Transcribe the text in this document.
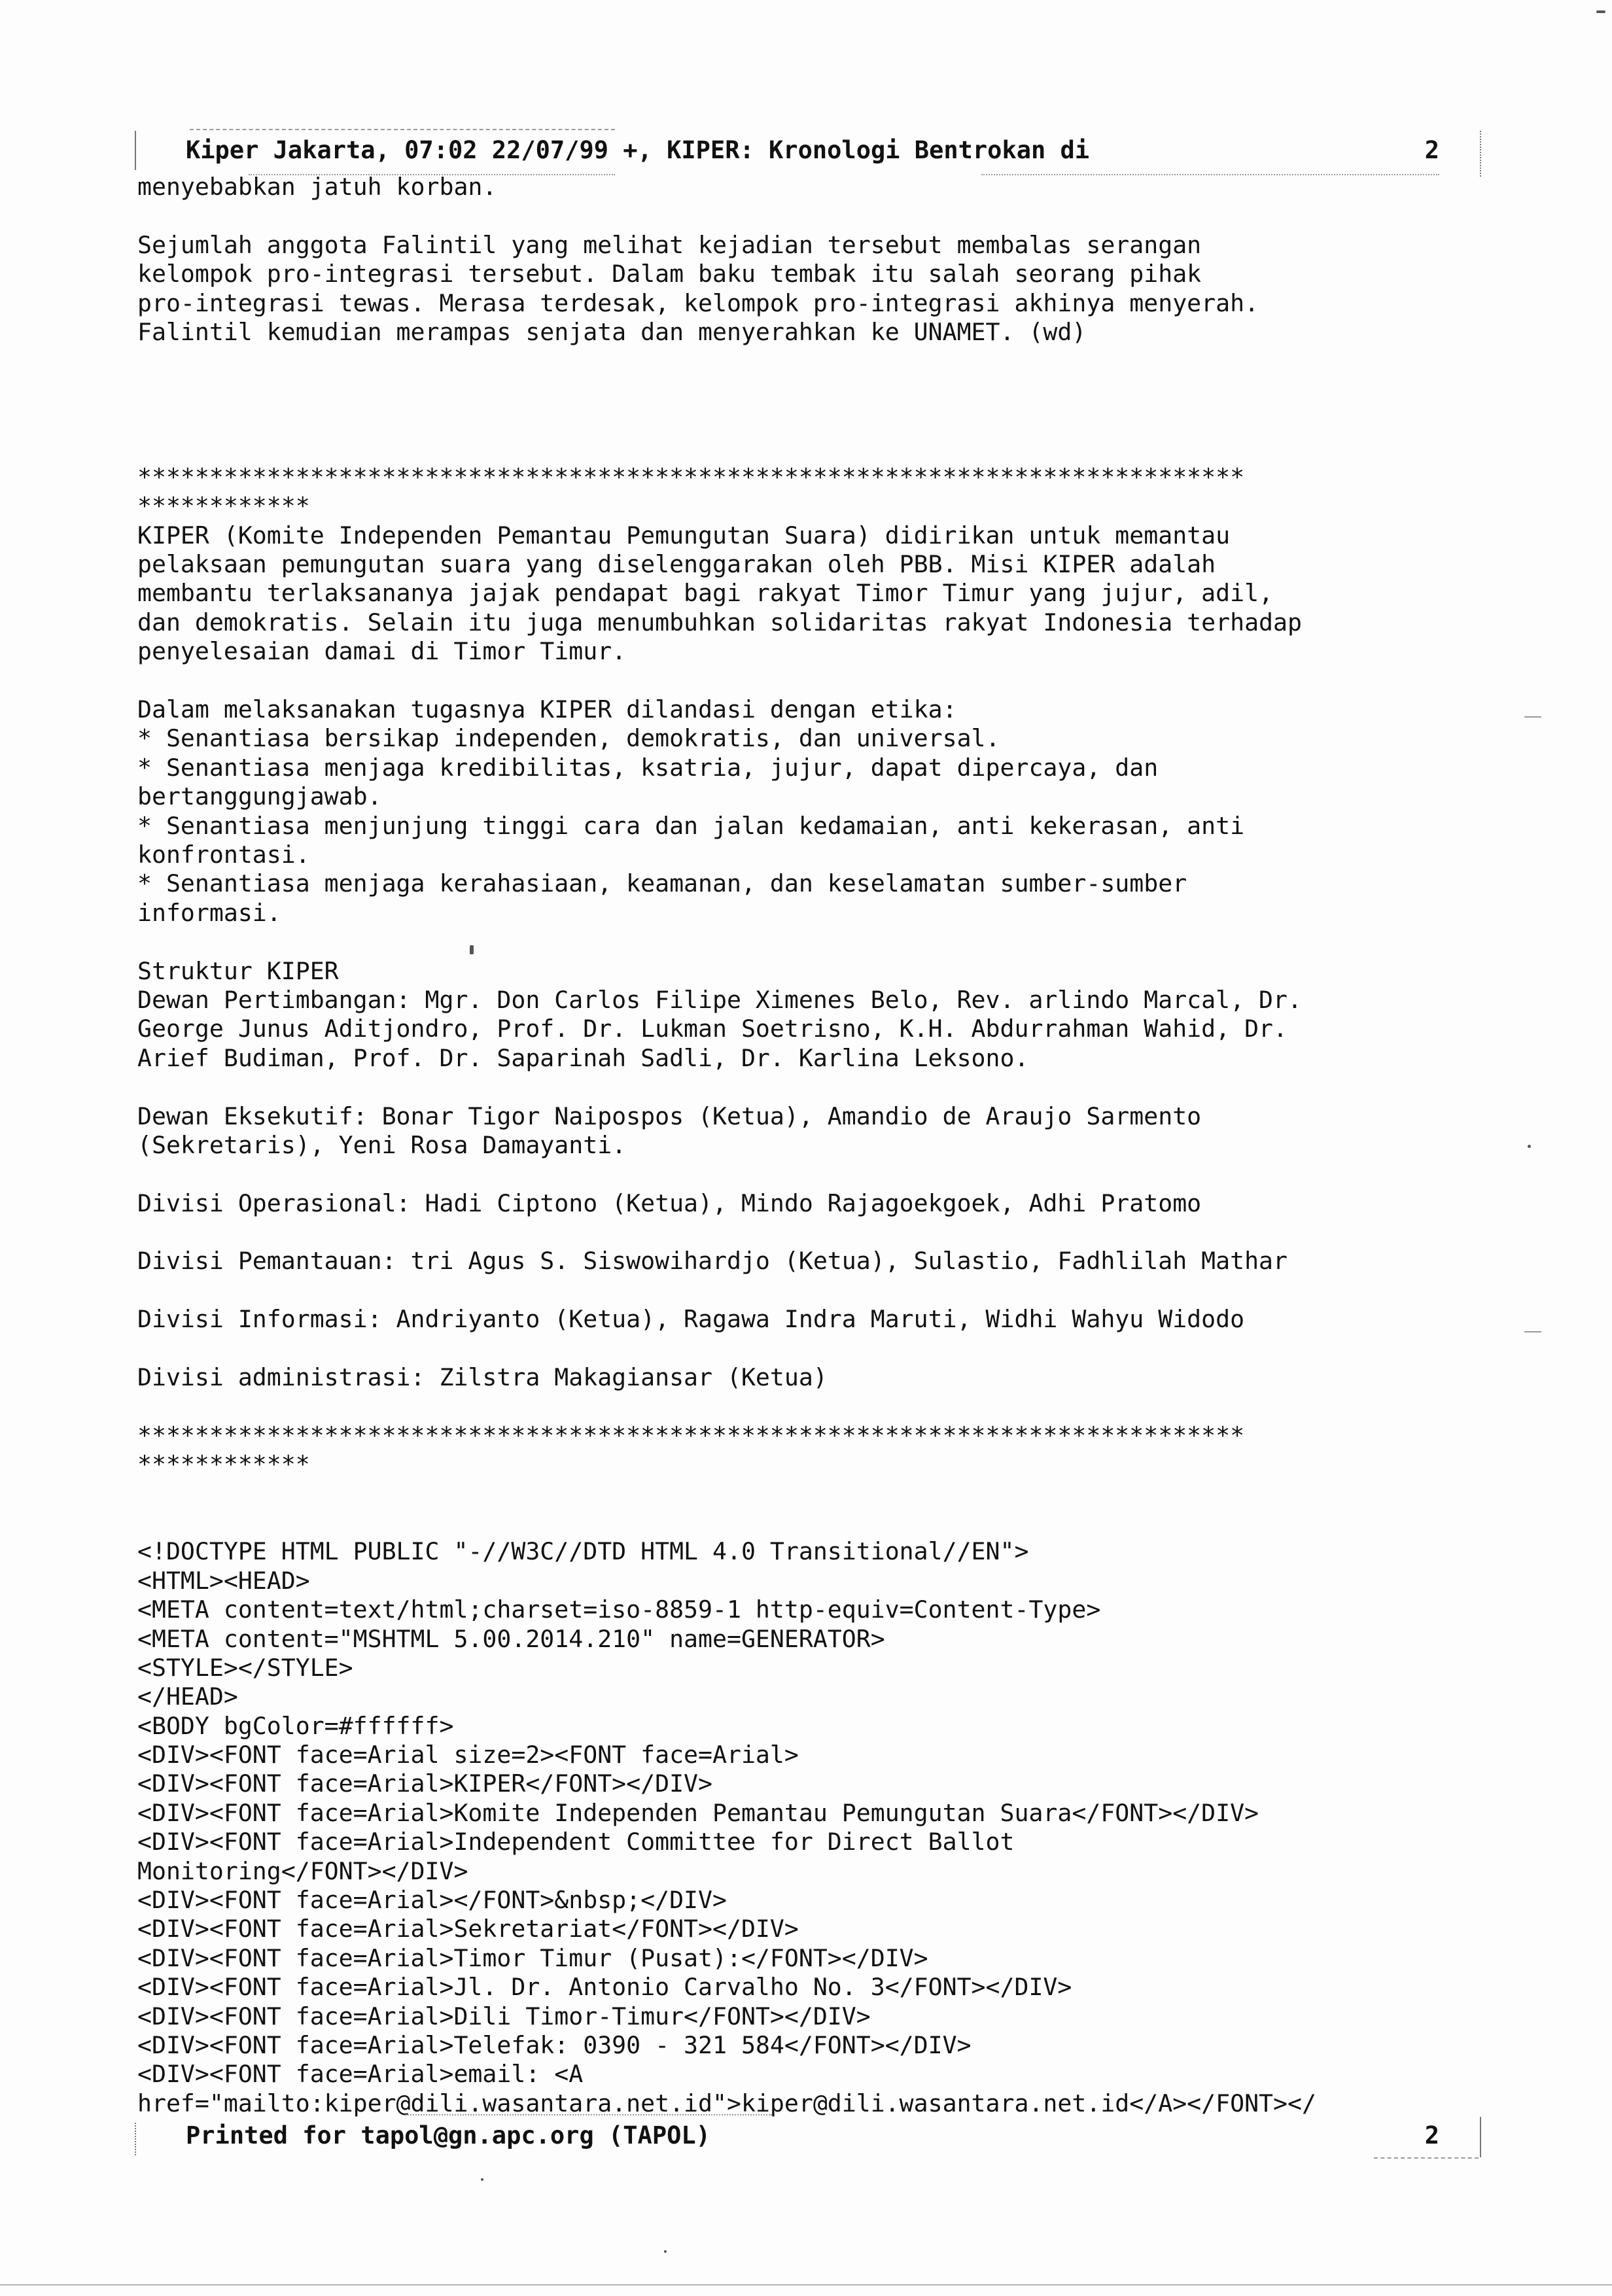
Kiper Jakarta, 07:02 22/07/99 +, KIPER: Kronologi Bentrokan di	2
menyebabkan jatuh korban.
Sejumlah anggota Falintil yang melihat kejadian tersebut membalas serangan
kelompok pro-integrasi tersebut. Dalam baku tembak itu salah seorang pihak
pro-integrasi tewas. Merasa terdesak, kelompok pro-integrasi akhinya menyerah.
Falintil kemudian merampas senjata dan menyerahkan ke UNAMET. (wd)
*****************************************************************************
************
KIPER (Komite Independen Pemantau Pemungutan Suara) didirikan untuk memantau
pelaksaan pemungutan suara yang diselenggarakan oleh PBB. Misi KIPER adalah
membantu terlaksananya jajak pendapat bagi rakyat Timor Timur yang jujur, adil,
dan demokratis. Selain itu juga menumbuhkan solidaritas rakyat Indonesia terhadap
penyelesaian damai di Timor Timur.
Dalam melaksanakan tugasnya KIPER dilandasi dengan etika:
* Senantiasa bersikap independen, demokratis, dan universal.
* Senantiasa menjaga kredibilitas, ksatria, jujur, dapat dipercaya, dan
bertanggungjawab.
* Senantiasa menjunjung tinggi cara dan jalan kedamaian, anti kekerasan, anti
konfrontasi.
* Senantiasa menjaga kerahasiaan, keamanan, dan keselamatan sumber-sumber
informasi.
Struktur KIPER
Dewan Pertimbangan: Mgr. Don Carlos Filipe Ximenes Belo, Rev. arlindo Marcal, Dr.
George Junus Aditjondro, Prof. Dr. Lukman Soetrisno, K.H. Abdurrahman Wahid, Dr.
Arief Budiman, Prof. Dr. Saparinah Sadli, Dr. Karlina Leksono.
Dewan Eksekutif: Bonar Tigor Naipospos (Ketua), Amandio de Araujo Sarmento
(Sekretaris), Yeni Rosa Damayanti.
Divisi Operasional: Hadi Ciptono (Ketua), Mindo Rajagoekgoek, Adhi Pratomo
Divisi Pemantauan: tri Agus S. Siswowihardjo (Ketua), Sulastio, Fadhlilah Mathar
Divisi Informasi: Andriyanto (Ketua), Ragawa Indra Maruti, Widhi Wahyu Widodo
Divisi administrasi: Zilstra Makagiansar (Ketua)
*****************************************************************************
************
<!DOCTYPE HTML PUBLIC "-//W3C//DTD HTML 4.0 Transitional//EN">
<HTML><HEAD>
<META content=text/html;charset=iso-8859-1 http-equiv=Content-Type>
<META content="MSHTML 5.00.2014.210" name=GENERATOR>
<STYLE></STYLE>
</HEAD>
<BODY bgColor=#ffffff>
<DIV><FONT face=Arial size=2><FONT face=Arial>
<DIV><FONT face=Arial>KIPER</FONT></DIV>
<DIV><FONT face=Arial>Komite Independen Pemantau Pemungutan Suara</FONT></DIV>
<DIV><FONT face=Arial>Independent Committee for Direct Ballot
Monitoring</FONT></DIV>
<DIV><FONT face=Arial></FONT>&nbsp;</DIV>
<DIV><FONT face=Arial>Sekretariat</FONT></DIV>
<DIV><FONT face=Arial>Timor Timur (Pusat):</FONT></DIV>
<DIV><FONT face=Arial>Jl. Dr. Antonio Carvalho No. 3</FONT></DIV>
<DIV><FONT face=Arial>Dili Timor-Timur</FONT></DIV>
<DIV><FONT face=Arial>Telefak: 0390 - 321 584</FONT></DIV>
<DIV><FONT face=Arial>email: <A
href="mailto:kiper@dili.wasantara.net.id">kiper@dili.wasantara.net.id</A></FONT></
Printed for tapol@gn.apc.org (TAPOL)	2
